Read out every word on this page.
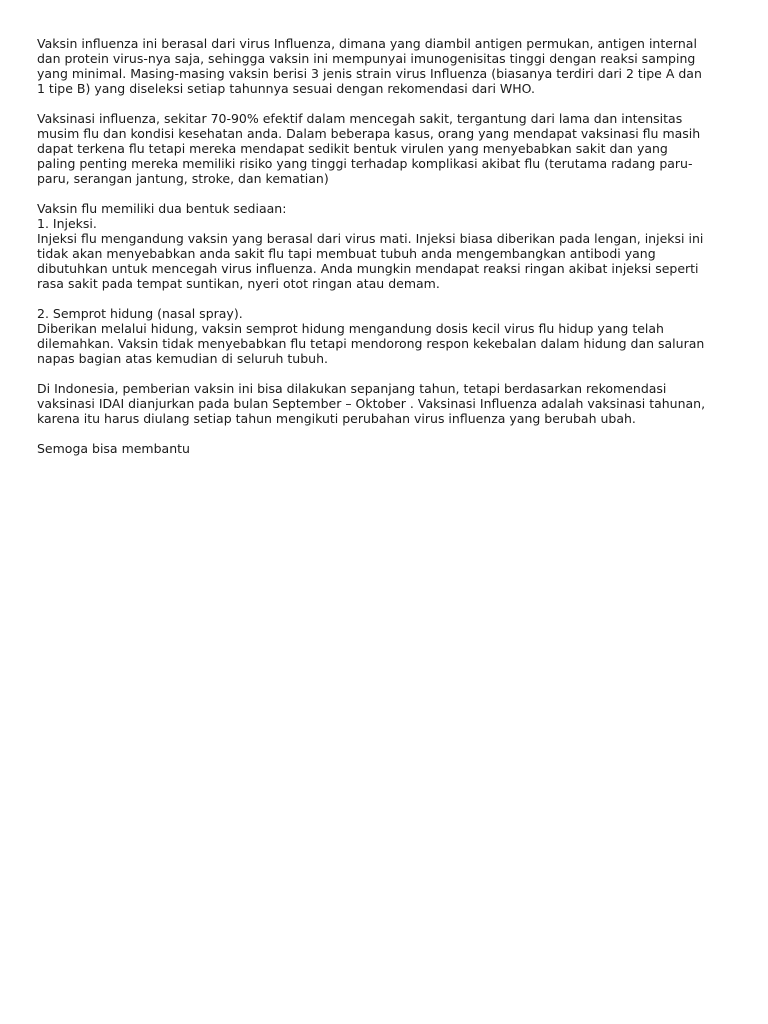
Vaksin influenza ini berasal dari virus Influenza, dimana yang diambil antigen permukan, antigen internal
dan protein virus-nya saja, sehingga vaksin ini mempunyai imunogenisitas tinggi dengan reaksi samping
yang minimal. Masing-masing vaksin berisi 3 jenis strain virus Influenza (biasanya terdiri dari 2 tipe A dan
1 tipe B) yang diseleksi setiap tahunnya sesuai dengan rekomendasi dari WHO.
Vaksinasi influenza, sekitar 70-90% efektif dalam mencegah sakit, tergantung dari lama dan intensitas
musim flu dan kondisi kesehatan anda. Dalam beberapa kasus, orang yang mendapat vaksinasi flu masih
dapat terkena flu tetapi mereka mendapat sedikit bentuk virulen yang menyebabkan sakit dan yang
paling penting mereka memiliki risiko yang tinggi terhadap komplikasi akibat flu (terutama radang paru-
paru, serangan jantung, stroke, dan kematian)
Vaksin flu memiliki dua bentuk sediaan:
1. Injeksi.
Injeksi flu mengandung vaksin yang berasal dari virus mati. Injeksi biasa diberikan pada lengan, injeksi ini
tidak akan menyebabkan anda sakit flu tapi membuat tubuh anda mengembangkan antibodi yang
dibutuhkan untuk mencegah virus influenza. Anda mungkin mendapat reaksi ringan akibat injeksi seperti
rasa sakit pada tempat suntikan, nyeri otot ringan atau demam.
2. Semprot hidung (nasal spray).
Diberikan melalui hidung, vaksin semprot hidung mengandung dosis kecil virus flu hidup yang telah
dilemahkan. Vaksin tidak menyebabkan flu tetapi mendorong respon kekebalan dalam hidung dan saluran
napas bagian atas kemudian di seluruh tubuh.
Di Indonesia, pemberian vaksin ini bisa dilakukan sepanjang tahun, tetapi berdasarkan rekomendasi
vaksinasi IDAI dianjurkan pada bulan September – Oktober . Vaksinasi Influenza adalah vaksinasi tahunan,
karena itu harus diulang setiap tahun mengikuti perubahan virus influenza yang berubah ubah.
Semoga bisa membantu
